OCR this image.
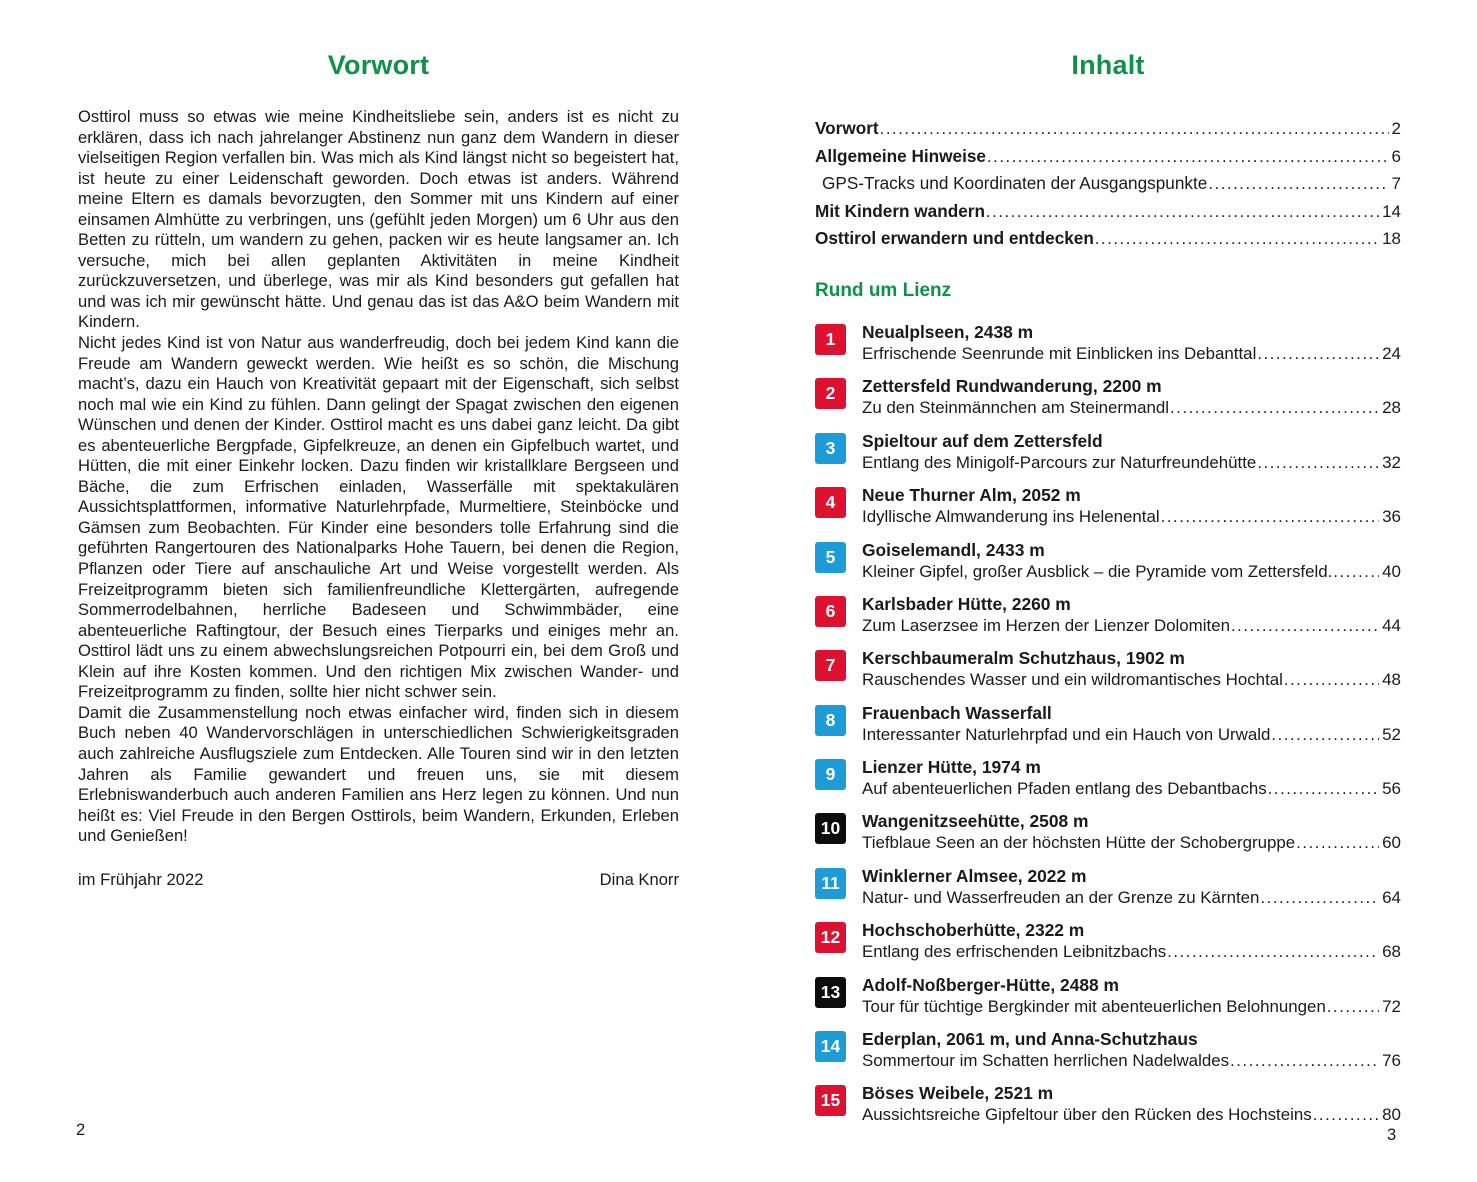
Vorwort

Osttirol muss so etwas wie meine Kindheitsliebe sein, anders ist es nicht zu erklären, dass ich nach jahrelanger Abstinenz nun ganz dem Wandern in dieser vielseitigen Region verfallen bin. Was mich als Kind längst nicht so begeistert hat, ist heute zu einer Leidenschaft geworden. Doch etwas ist anders. Während meine Eltern es damals bevorzugten, den Sommer mit uns Kindern auf einer einsamen Almhütte zu verbringen, uns (gefühlt jeden Morgen) um 6 Uhr aus den Betten zu rütteln, um wandern zu gehen, packen wir es heute langsamer an. Ich versuche, mich bei allen geplanten Aktivitäten in meine Kindheit zurückzuversetzen, und überlege, was mir als Kind besonders gut gefallen hat und was ich mir gewünscht hätte. Und genau das ist das A&O beim Wandern mit Kindern.

Nicht jedes Kind ist von Natur aus wanderfreudig, doch bei jedem Kind kann die Freude am Wandern geweckt werden. Wie heißt es so schön, die Mischung macht’s, dazu ein Hauch von Kreativität gepaart mit der Eigenschaft, sich selbst noch mal wie ein Kind zu fühlen. Dann gelingt der Spagat zwischen den eigenen Wünschen und denen der Kinder. Osttirol macht es uns dabei ganz leicht. Da gibt es abenteuerliche Bergpfade, Gipfelkreuze, an denen ein Gipfelbuch wartet, und Hütten, die mit einer Einkehr locken. Dazu finden wir kristallklare Bergseen und Bäche, die zum Erfrischen einladen, Wasserfälle mit spektakulären Aussichtsplattformen, informative Naturlehrpfade, Murmeltiere, Steinböcke und Gämsen zum Beobachten. Für Kinder eine besonders tolle Erfahrung sind die geführten Rangertouren des Nationalparks Hohe Tauern, bei denen die Region, Pflanzen oder Tiere auf anschauliche Art und Weise vorgestellt werden. Als Freizeitprogramm bieten sich familienfreundliche Klettergärten, aufregende Sommerrodelbahnen, herrliche Badeseen und Schwimmbäder, eine abenteuerliche Raftingtour, der Besuch eines Tierparks und einiges mehr an. Osttirol lädt uns zu einem abwechslungsreichen Potpourri ein, bei dem Groß und Klein auf ihre Kosten kommen. Und den richtigen Mix zwischen Wander- und Freizeitprogramm zu finden, sollte hier nicht schwer sein.

Damit die Zusammenstellung noch etwas einfacher wird, finden sich in diesem Buch neben 40 Wandervorschlägen in unterschiedlichen Schwierigkeitsgraden auch zahlreiche Ausflugsziele zum Entdecken. Alle Touren sind wir in den letzten Jahren als Familie gewandert und freuen uns, sie mit diesem Erlebniswanderbuch auch anderen Familien ans Herz legen zu können. Und nun heißt es: Viel Freude in den Bergen Osttirols, beim Wandern, Erkunden, Erleben und Genießen!

im Frühjahr 2022	Dina Knorr
Inhalt
Vorwort .....	2
Allgemeine Hinweise .....	6
GPS-Tracks und Koordinaten der Ausgangspunkte .....	7
Mit Kindern wandern .....	14
Osttirol erwandern und entdecken .....	18
Rund um Lienz
1	Neualplseen, 2438 m
Erfrischende Seenrunde mit Einblicken ins Debanttal .....	24
2	Zettersfeld Rundwanderung, 2200 m
Zu den Steinmännchen am Steinermandl .....	28
3	Spieltour auf dem Zettersfeld
Entlang des Minigolf-Parcours zur Naturfreundehütte .....	32
4	Neue Thurner Alm, 2052 m
Idyllische Almwanderung ins Helenental .....	36
5	Goiselemandl, 2433 m
Kleiner Gipfel, großer Ausblick – die Pyramide vom Zettersfeld. .....	40
6	Karlsbader Hütte, 2260 m
Zum Laserzsee im Herzen der Lienzer Dolomiten .....	44
7	Kerschbaumeralm Schutzhaus, 1902 m
Rauschendes Wasser und ein wildromantisches Hochtal .....	48
8	Frauenbach Wasserfall
Interessanter Naturlehrpfad und ein Hauch von Urwald .....	52
9	Lienzer Hütte, 1974 m
Auf abenteuerlichen Pfaden entlang des Debantbachs .....	56
10	Wangenitzseehütte, 2508 m
Tiefblaue Seen an der höchsten Hütte der Schobergruppe .....	60
11	Winklerner Almsee, 2022 m
Natur- und Wasserfreuden an der Grenze zu Kärnten .....	64
12	Hochschoberhütte, 2322 m
Entlang des erfrischenden Leibnitzbachs .....	68
13	Adolf-Noßberger-Hütte, 2488 m
Tour für tüchtige Bergkinder mit abenteuerlichen Belohnungen .....	72
14	Ederplan, 2061 m, und Anna-Schutzhaus
Sommertour im Schatten herrlichen Nadelwaldes .....	76
15	Böses Weibele, 2521 m
Aussichtsreiche Gipfeltour über den Rücken des Hochsteins .....	80
2	3
